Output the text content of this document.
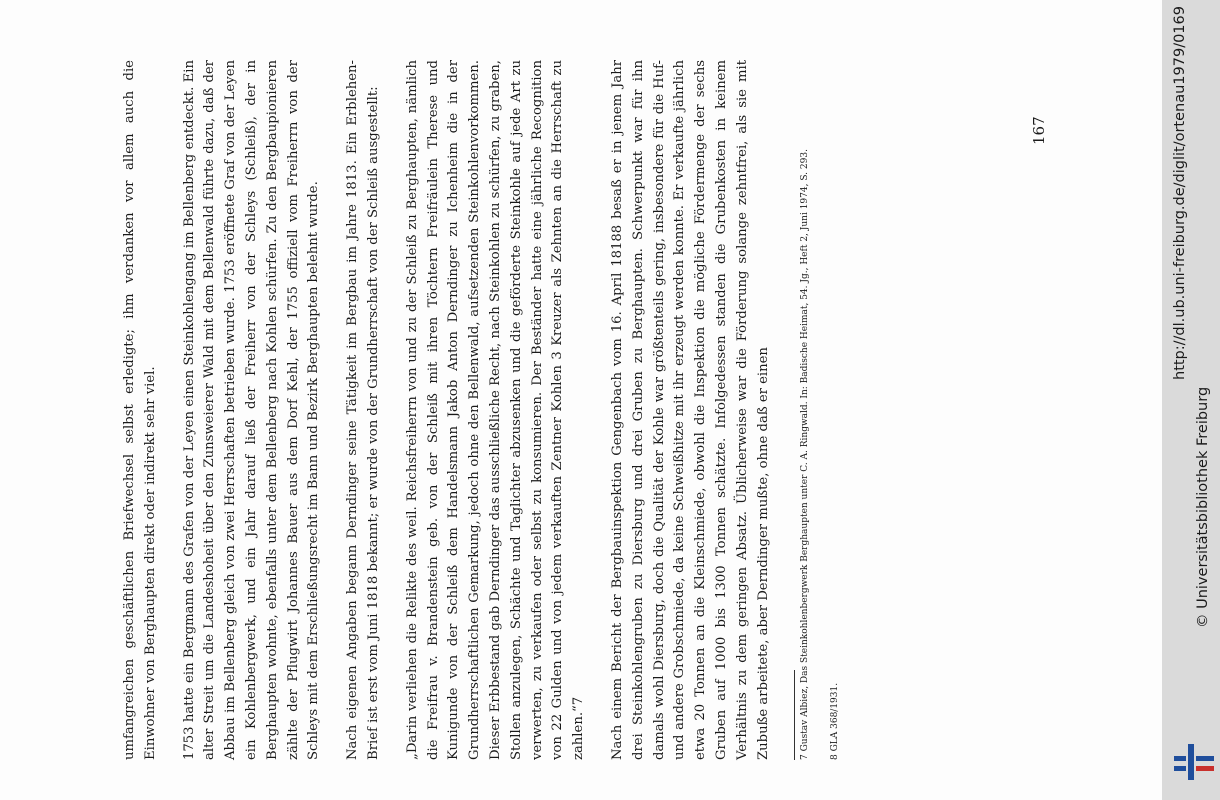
umfangreichen geschäftlichen Briefwechsel selbst erledigte; ihm verdanken vor allem auch die Einwohner von Berghaupten direkt oder indirekt sehr viel. 1753 hatte ein Bergmann des Grafen von der Leyen einen Steinkohlengang im Bellenberg entdeckt. Ein alter Streit um die Landeshoheit über den Zunsweierer Wald mit dem Bellenwald führte dazu, daß der Abbau im Bellenberg gleich von zwei Herrschaften betrieben wurde. 1753 eröffnete Graf von der Leyen ein Kohlenbergwerk, und ein Jahr darauf ließ der Freiherr von der Schleys (Schleiß), der in Berghaupten wohnte, ebenfalls unter dem Bellenberg nach Kohlen schürfen. Zu den Bergbaupionieren zählte der Pflugwirt Johannes Bauer aus dem Dorf Kehl, der 1755 offiziell vom Freiherrn von der Schleys mit dem Erschließungsrecht im Bann und Bezirk Berghaupten belehnt wurde. Nach eigenen Angaben begann Derndinger seine Tätigkeit im Bergbau im Jahre 1813. Ein Erblehen-Brief ist erst vom Juni 1818 bekannt; er wurde von der Grundherrschaft von der Schleiß ausgestellt: „Darin verliehen die Relikte des weil. Reichsfreiherrn von und zu der Schleiß zu Berghaupten, nämlich die Freifrau v. Brandenstein geb. von der Schleiß mit ihren Töchtern Freifräulein Therese und Kunigunde von der Schleiß dem Handelsmann Jakob Anton Derndinger zu Ichenheim die in der Grundherrschaftlichen Gemarkung, jedoch ohne den Bellenwald, aufsetzenden Steinkohlenvorkommen. Dieser Erbbestand gab Derndinger das ausschließliche Recht, nach Steinkohlen zu schürfen, zu graben, Stollen anzulegen, Schächte und Taglichter abzusenken und die geförderte Steinkohle auf jede Art zu verwerten, zu verkaufen oder selbst zu konsumieren. Der Beständer hatte eine jährliche Recognition von 22 Gulden und von jedem verkauften Zentner Kohlen 3 Kreuzer als Zehnten an die Herrschaft zu zahlen.“7 Nach einem Bericht der Bergbauinspektion Gengenbach vom 16. April 18188 besaß er in jenem Jahr drei Steinkohlengruben zu Diersburg und drei Gruben zu Berghaupten. Schwerpunkt war für ihn damals wohl Diersburg, doch die Qualität der Kohle war größtenteils gering, insbesondere für die Huf- und andere Grobschmiede, da keine Schweißhitze mit ihr erzeugt werden konnte. Er verkaufte jährlich etwa 20 Tonnen an die Kleinschmiede, obwohl die Inspektion die mögliche Fördermenge der sechs Gruben auf 1000 bis 1300 Tonnen schätzte. Infolgedessen standen die Grubenkosten in keinem Verhältnis zu dem geringen Absatz. Üblicherweise war die Förderung solange zehntfrei, als sie mit Zubuße arbeitete, aber Derndinger mußte, ohne daß er einen	7 Gustav Albiez, Das Steinkohlenbergwerk Berghaupten unter C. A. Ringwald. In: Badische Heimat, 54. Jg., Heft 2, Juni 1974, S. 293. 8 GLA 368/1931.

167	http://dl.ub.uni-freiburg.de/diglit/ortenau1979/0169
© Universitätsbibliothek Freiburg
